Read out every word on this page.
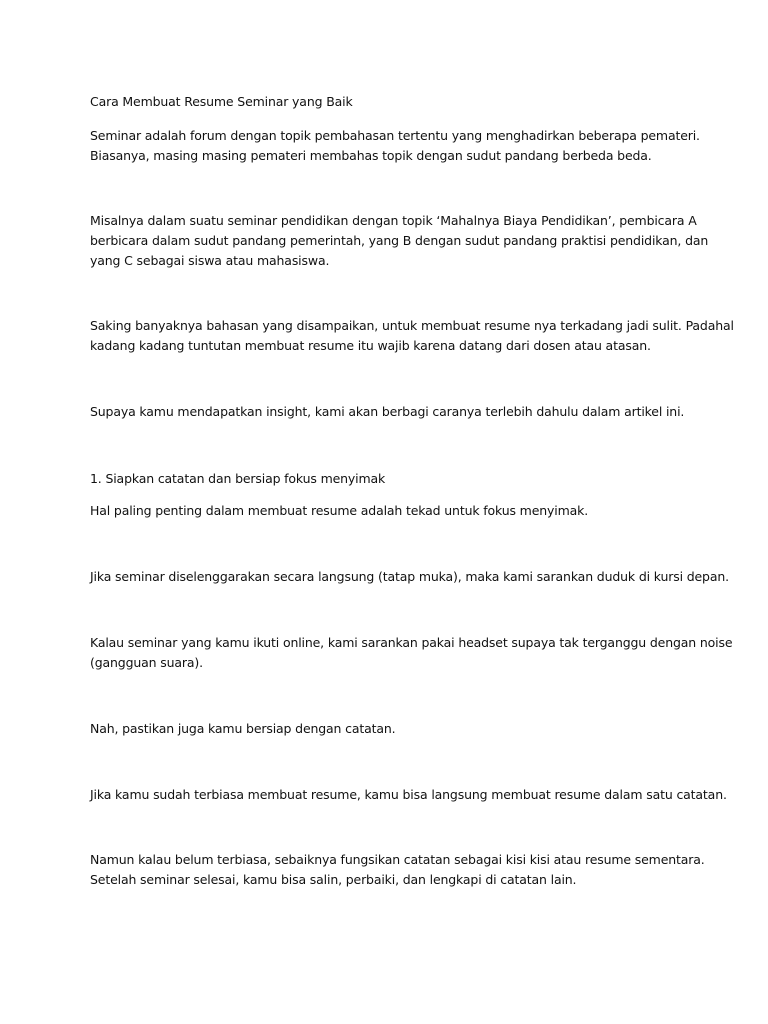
Cara Membuat Resume Seminar yang Baik
Seminar adalah forum dengan topik pembahasan tertentu yang menghadirkan beberapa pemateri.
Biasanya, masing masing pemateri membahas topik dengan sudut pandang berbeda beda.
Misalnya dalam suatu seminar pendidikan dengan topik ‘Mahalnya Biaya Pendidikan’, pembicara A
berbicara dalam sudut pandang pemerintah, yang B dengan sudut pandang praktisi pendidikan, dan
yang C sebagai siswa atau mahasiswa.
Saking banyaknya bahasan yang disampaikan, untuk membuat resume nya terkadang jadi sulit. Padahal
kadang kadang tuntutan membuat resume itu wajib karena datang dari dosen atau atasan.
Supaya kamu mendapatkan insight, kami akan berbagi caranya terlebih dahulu dalam artikel ini.
1. Siapkan catatan dan bersiap fokus menyimak
Hal paling penting dalam membuat resume adalah tekad untuk fokus menyimak.
Jika seminar diselenggarakan secara langsung (tatap muka), maka kami sarankan duduk di kursi depan.
Kalau seminar yang kamu ikuti online, kami sarankan pakai headset supaya tak terganggu dengan noise
(gangguan suara).
Nah, pastikan juga kamu bersiap dengan catatan.
Jika kamu sudah terbiasa membuat resume, kamu bisa langsung membuat resume dalam satu catatan.
Namun kalau belum terbiasa, sebaiknya fungsikan catatan sebagai kisi kisi atau resume sementara.
Setelah seminar selesai, kamu bisa salin, perbaiki, dan lengkapi di catatan lain.
